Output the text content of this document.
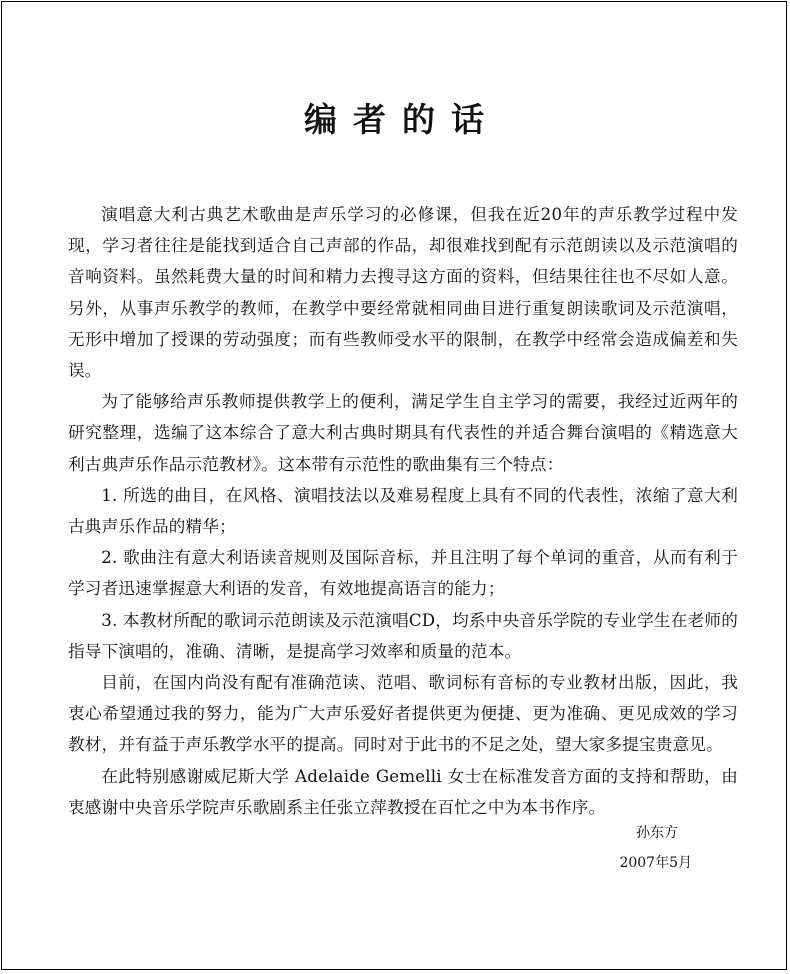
编者的话

演唱意大利古典艺术歌曲是声乐学习的必修课，但我在近20年的声乐教学过程中发现，学习者往往是能找到适合自己声部的作品，却很难找到配有示范朗读以及示范演唱的音响资料。虽然耗费大量的时间和精力去搜寻这方面的资料，但结果往往也不尽如人意。另外，从事声乐教学的教师，在教学中要经常就相同曲目进行重复朗读歌词及示范演唱，无形中增加了授课的劳动强度；而有些教师受水平的限制，在教学中经常会造成偏差和失误。

为了能够给声乐教师提供教学上的便利，满足学生自主学习的需要，我经过近两年的研究整理，选编了这本综合了意大利古典时期具有代表性的并适合舞台演唱的《精选意大利古典声乐作品示范教材》。这本带有示范性的歌曲集有三个特点：

1. 所选的曲目，在风格、演唱技法以及难易程度上具有不同的代表性，浓缩了意大利古典声乐作品的精华；

2. 歌曲注有意大利语读音规则及国际音标，并且注明了每个单词的重音，从而有利于学习者迅速掌握意大利语的发音，有效地提高语言的能力；

3. 本教材所配的歌词示范朗读及示范演唱CD，均系中央音乐学院的专业学生在老师的指导下演唱的，准确、清晰，是提高学习效率和质量的范本。

目前，在国内尚没有配有准确范读、范唱、歌词标有音标的专业教材出版，因此，我衷心希望通过我的努力，能为广大声乐爱好者提供更为便捷、更为准确、更见成效的学习教材，并有益于声乐教学水平的提高。同时对于此书的不足之处，望大家多提宝贵意见。

在此特别感谢威尼斯大学 Adelaide Gemelli 女士在标准发音方面的支持和帮助，由衷感谢中央音乐学院声乐歌剧系主任张立萍教授在百忙之中为本书作序。

孙东方
2007年5月
